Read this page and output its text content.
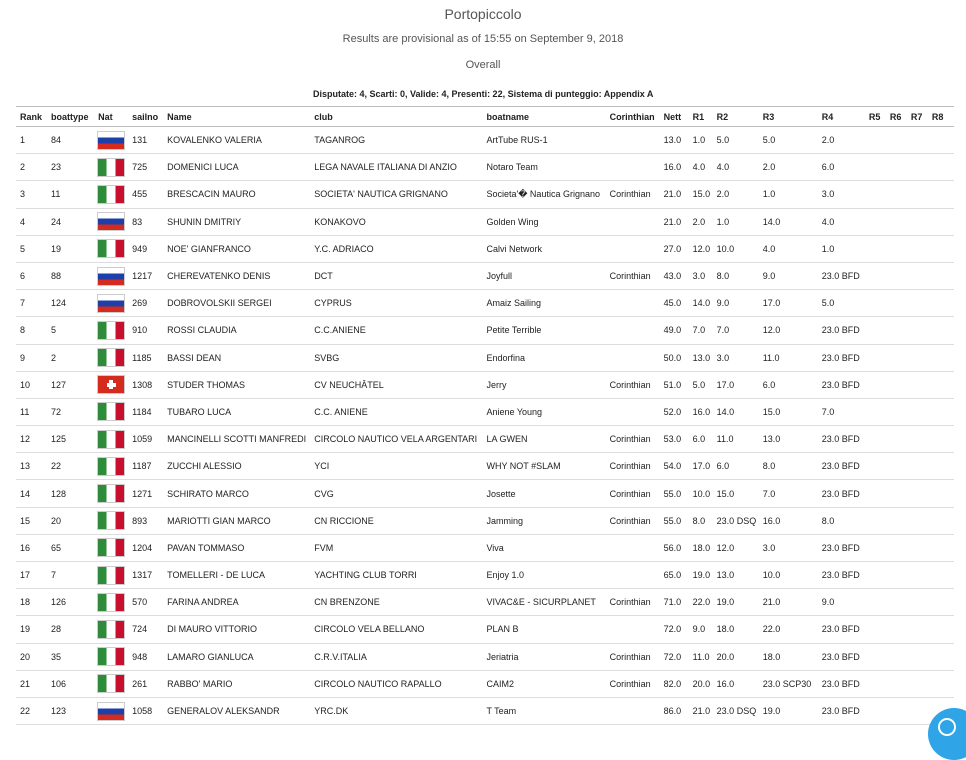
Portopiccolo
Results are provisional as of 15:55 on September 9, 2018
Overall
Disputate: 4, Scarti: 0, Valide: 4, Presenti: 22, Sistema di punteggio: Appendix A
Rank	boattype	Nat	sailno	Name	club	boatname	Corinthian	Nett	R1	R2	R3	R4	R5	R6	R7	R8
1	84		131	KOVALENKO VALERIA	TAGANROG	ArtTube RUS-1		13.0	1.0	5.0	5.0	2.0				
2	23		725	DOMENICI LUCA	LEGA NAVALE ITALIANA DI ANZIO	Notaro Team		16.0	4.0	4.0	2.0	6.0				
3	11		455	BRESCACIN MAURO	SOCIETA' NAUTICA GRIGNANO	Societa'� Nautica Grignano	Corinthian	21.0	15.0	2.0	1.0	3.0				
4	24		83	SHUNIN DMITRIY	KONAKOVO	Golden Wing		21.0	2.0	1.0	14.0	4.0				
5	19		949	NOE' GIANFRANCO	Y.C. ADRIACO	Calvi Network		27.0	12.0	10.0	4.0	1.0				
6	88		1217	CHEREVATENKO DENIS	DCT	Joyfull	Corinthian	43.0	3.0	8.0	9.0	23.0 BFD				
7	124		269	DOBROVOLSKII SERGEI	CYPRUS	Amaiz Sailing		45.0	14.0	9.0	17.0	5.0				
8	5		910	ROSSI CLAUDIA	C.C.ANIENE	Petite Terrible		49.0	7.0	7.0	12.0	23.0 BFD				
9	2		1185	BASSI DEAN	SVBG	Endorfina		50.0	13.0	3.0	11.0	23.0 BFD				
10	127		1308	STUDER THOMAS	CV NEUCHÂTEL	Jerry	Corinthian	51.0	5.0	17.0	6.0	23.0 BFD				
11	72		1184	TUBARO LUCA	C.C. ANIENE	Aniene Young		52.0	16.0	14.0	15.0	7.0				
12	125		1059	MANCINELLI SCOTTI MANFREDI	CIRCOLO NAUTICO VELA ARGENTARI	LA GWEN	Corinthian	53.0	6.0	11.0	13.0	23.0 BFD				
13	22		1187	ZUCCHI ALESSIO	YCI	WHY NOT #SLAM	Corinthian	54.0	17.0	6.0	8.0	23.0 BFD				
14	128		1271	SCHIRATO MARCO	CVG	Josette	Corinthian	55.0	10.0	15.0	7.0	23.0 BFD				
15	20		893	MARIOTTI GIAN MARCO	CN RICCIONE	Jamming	Corinthian	55.0	8.0	23.0 DSQ	16.0	8.0				
16	65		1204	PAVAN TOMMASO	FVM	Viva		56.0	18.0	12.0	3.0	23.0 BFD				
17	7		1317	TOMELLERI - DE LUCA	YACHTING CLUB TORRI	Enjoy 1.0		65.0	19.0	13.0	10.0	23.0 BFD				
18	126		570	FARINA ANDREA	CN BRENZONE	VIVAC&E - SICURPLANET	Corinthian	71.0	22.0	19.0	21.0	9.0				
19	28		724	DI MAURO VITTORIO	CIRCOLO VELA BELLANO	PLAN B		72.0	9.0	18.0	22.0	23.0 BFD				
20	35		948	LAMARO GIANLUCA	C.R.V.ITALIA	Jeriatria	Corinthian	72.0	11.0	20.0	18.0	23.0 BFD				
21	106		261	RABBO' MARIO	CIRCOLO NAUTICO RAPALLO	CAIM2	Corinthian	82.0	20.0	16.0	23.0 SCP30	23.0 BFD				
22	123		1058	GENERALOV ALEKSANDR	YRC.DK	T Team		86.0	21.0	23.0 DSQ	19.0	23.0 BFD				
